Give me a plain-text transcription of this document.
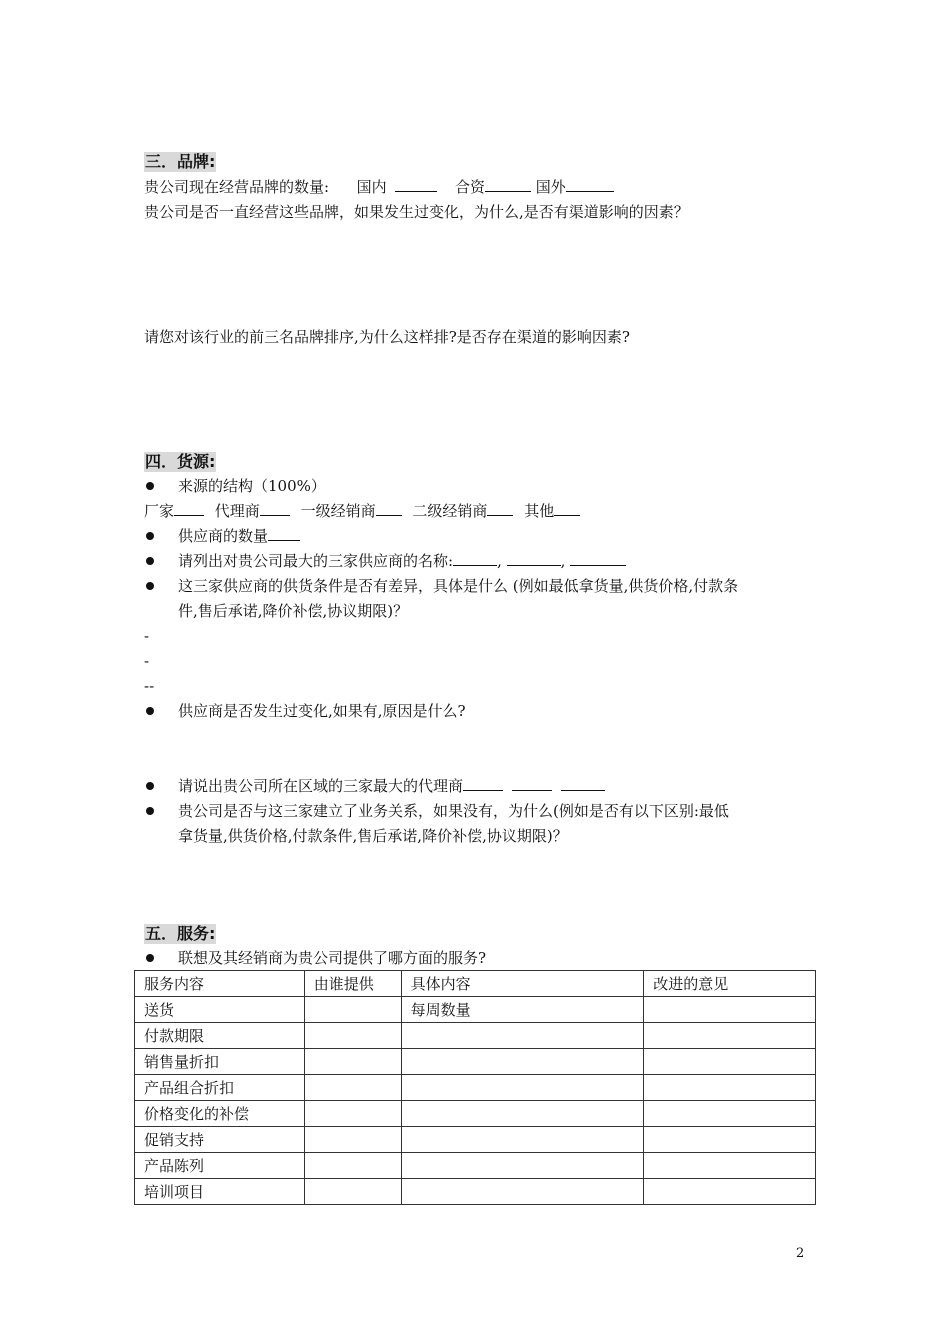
三．品牌:
贵公司现在经营品牌的数量: 国内	合资	国外
贵公司是否一直经营这些品牌，如果发生过变化，为什么,是否有渠道影响的因素？
请您对该行业的前三名品牌排序,为什么这样排?是否存在渠道的影响因素?
四．货源:
来源的结构（100%）
厂家	代理商	一级经销商 二级经销商 其他
供应商的数量
请列出对贵公司最大的三家供应商的名称:	,	,
这三家供应商的供货条件是否有差异，具体是什么 (例如最低拿货量,供货价格,付款条
件,售后承诺,降价补偿,协议期限)？
-
-
--
供应商是否发生过变化,如果有,原因是什么?
请说出贵公司所在区域的三家最大的代理商
贵公司是否与这三家建立了业务关系，如果没有，为什么(例如是否有以下区别:最低
拿货量,供货价格,付款条件,售后承诺,降价补偿,协议期限)？
五．服务:
联想及其经销商为贵公司提供了哪方面的服务?
服务内容	由谁提供	具体内容	改进的意见
送货		每周数量	
付款期限			
销售量折扣			
产品组合折扣			
价格变化的补偿			
促销支持			
产品陈列			
培训项目			
2
